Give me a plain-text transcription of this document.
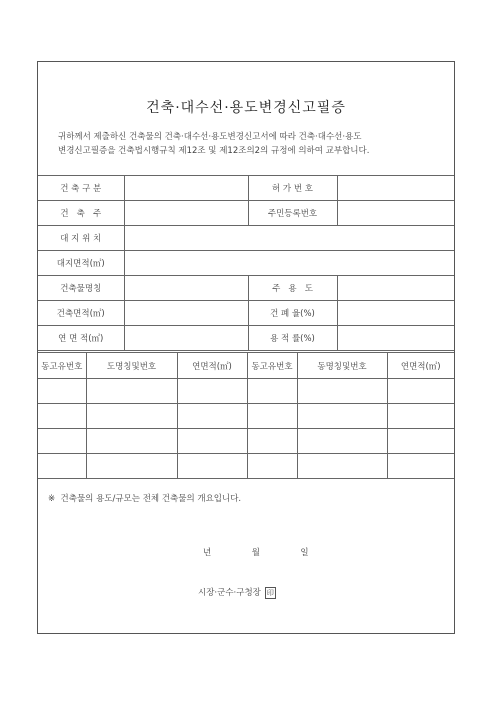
건축·대수선·용도변경신고필증
귀하께서 제출하신 건축물의 건축·대수선·용도변경신고서에 따라 건축·대수선·용도
변경신고필증을 건축법시행규칙 제12조 및 제12조의2의 규정에 의하여 교부합니다.
건 축 구 분		허 가 번 호	
건   축   주		주민등록번호	
대 지 위 치			
대지면적(㎡)			
건축물명칭		주   용   도	
건축면적(㎡)		건 폐 율(%)	
연 면 적(㎡)		용 적 률(%)	
동고유번호	도명칭및번호	연면적(㎡)	동고유번호	동명칭및번호	연면적(㎡)

※  건축물의 용도/규모는 전체 건축물의 개요입니다.
년	월	일
시장·군수·구청장 印
